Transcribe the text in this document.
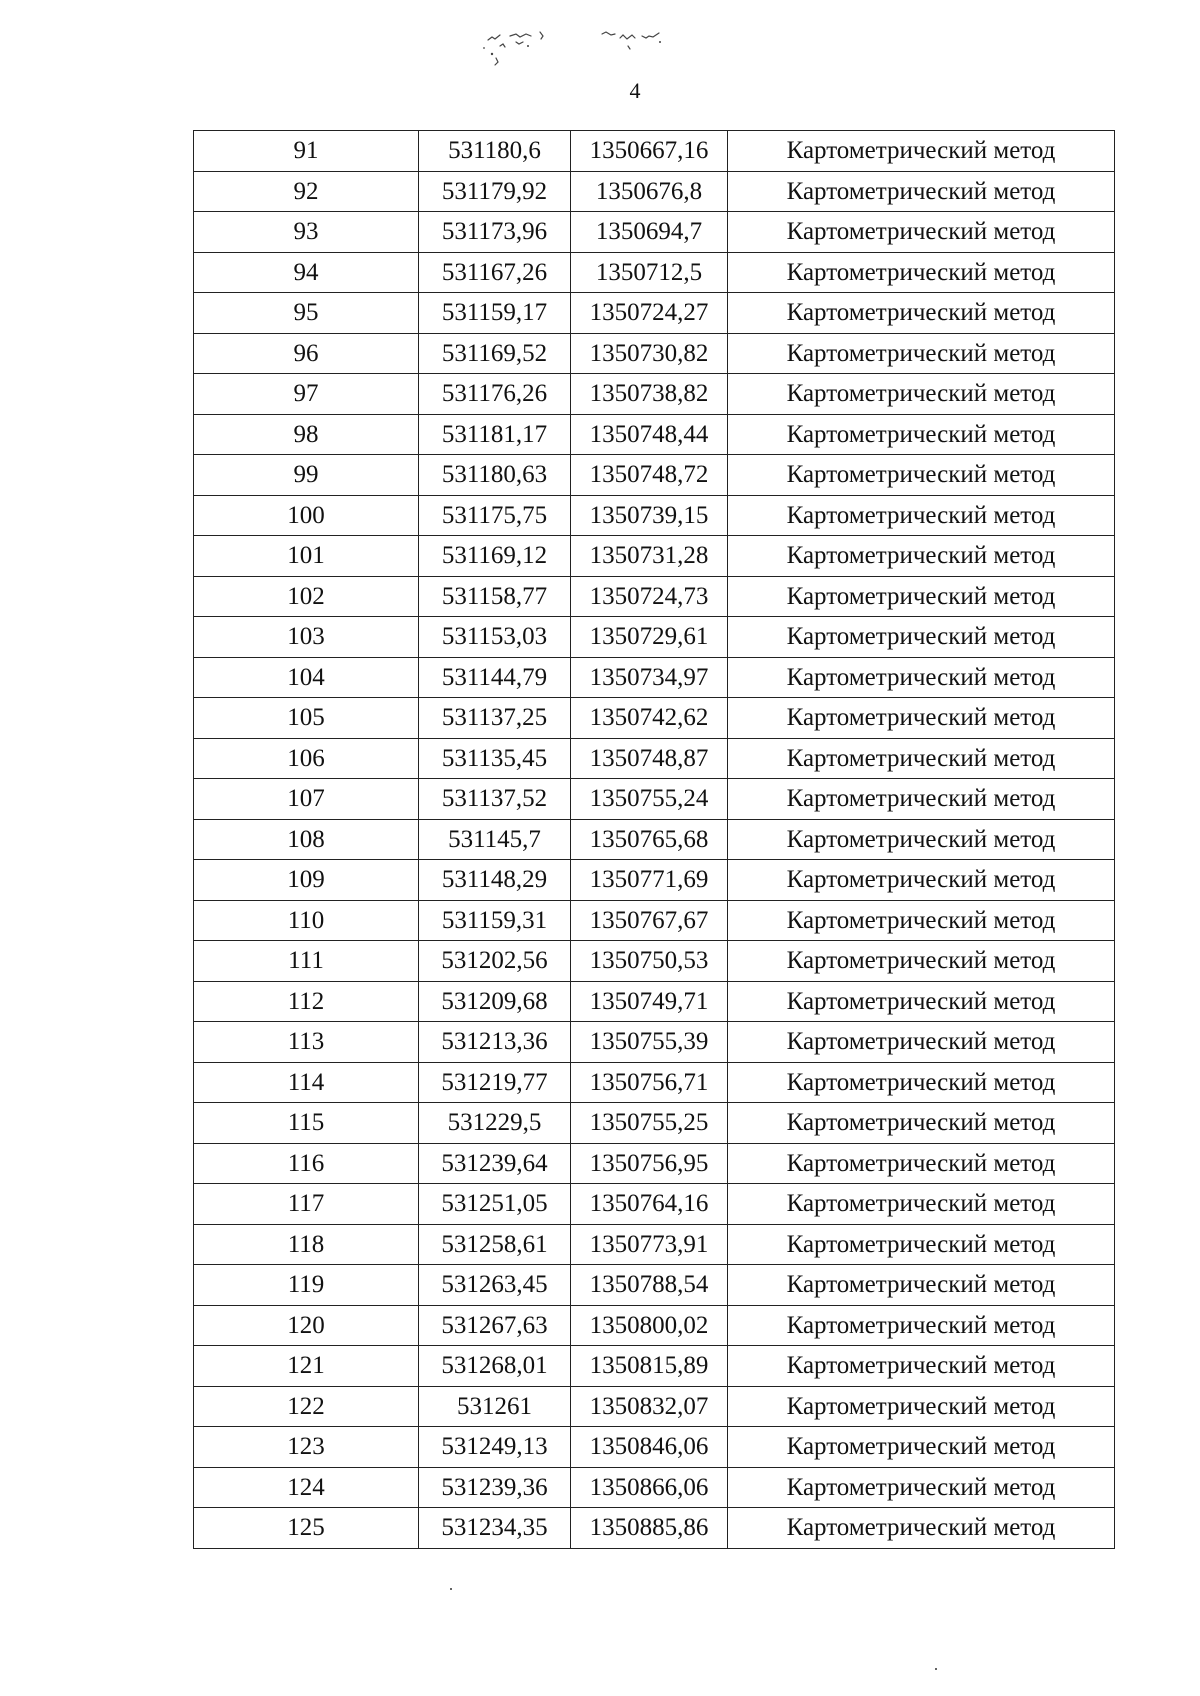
4
91	531180,6	1350667,16	Картометрический метод
92	531179,92	1350676,8	Картометрический метод
93	531173,96	1350694,7	Картометрический метод
94	531167,26	1350712,5	Картометрический метод
95	531159,17	1350724,27	Картометрический метод
96	531169,52	1350730,82	Картометрический метод
97	531176,26	1350738,82	Картометрический метод
98	531181,17	1350748,44	Картометрический метод
99	531180,63	1350748,72	Картометрический метод
100	531175,75	1350739,15	Картометрический метод
101	531169,12	1350731,28	Картометрический метод
102	531158,77	1350724,73	Картометрический метод
103	531153,03	1350729,61	Картометрический метод
104	531144,79	1350734,97	Картометрический метод
105	531137,25	1350742,62	Картометрический метод
106	531135,45	1350748,87	Картометрический метод
107	531137,52	1350755,24	Картометрический метод
108	531145,7	1350765,68	Картометрический метод
109	531148,29	1350771,69	Картометрический метод
110	531159,31	1350767,67	Картометрический метод
111	531202,56	1350750,53	Картометрический метод
112	531209,68	1350749,71	Картометрический метод
113	531213,36	1350755,39	Картометрический метод
114	531219,77	1350756,71	Картометрический метод
115	531229,5	1350755,25	Картометрический метод
116	531239,64	1350756,95	Картометрический метод
117	531251,05	1350764,16	Картометрический метод
118	531258,61	1350773,91	Картометрический метод
119	531263,45	1350788,54	Картометрический метод
120	531267,63	1350800,02	Картометрический метод
121	531268,01	1350815,89	Картометрический метод
122	531261	1350832,07	Картометрический метод
123	531249,13	1350846,06	Картометрический метод
124	531239,36	1350866,06	Картометрический метод
125	531234,35	1350885,86	Картометрический метод
